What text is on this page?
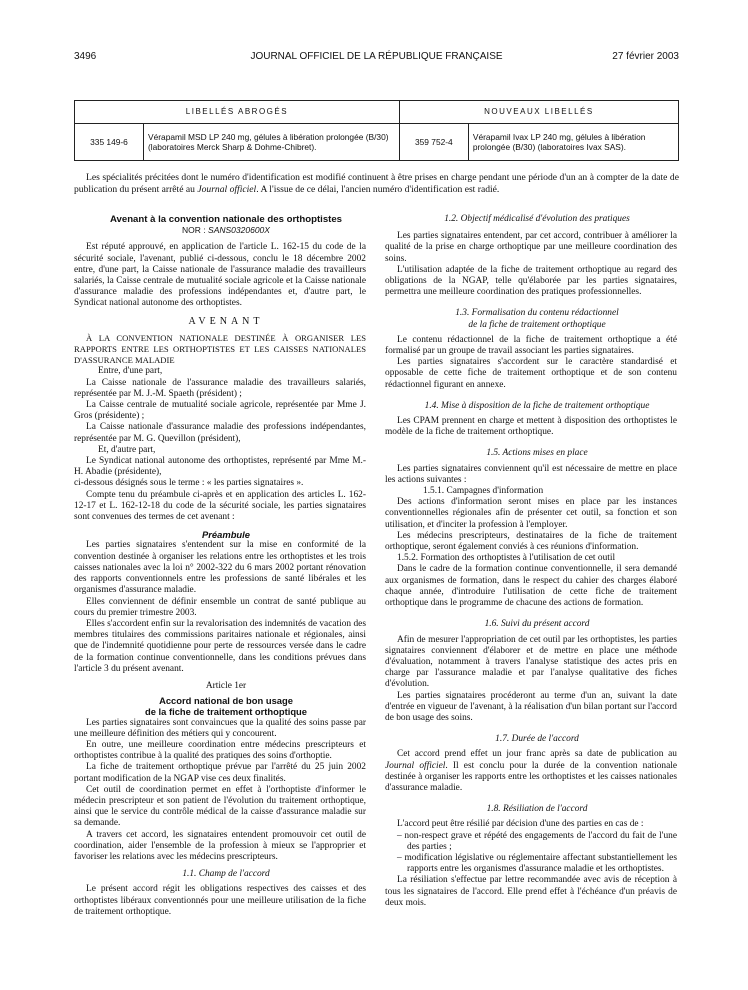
3496	JOURNAL OFFICIEL DE LA RÉPUBLIQUE FRANÇAISE	27 février 2003
LIBELLÉS ABROGÉS		NOUVEAUX LIBELLÉS	
335 149-6	Vérapamil MSD LP 240 mg, gélules à libération prolongée (B/30) (laboratoires Merck Sharp & Dohme-Chibret).	359 752-4	Vérapamil Ivax LP 240 mg, gélules à libération prolongée (B/30) (laboratoires Ivax SAS).
Les spécialités précitées dont le numéro d'identification est modifié continuent à être prises en charge pendant une période d'un an à compter de la date de publication du présent arrêté au Journal officiel. A l'issue de ce délai, l'ancien numéro d'identification est radié.

Avenant à la convention nationale des orthoptistes

NOR : SANS0320600X

Est réputé approuvé, en application de l'article L. 162-15 du code de la sécurité sociale, l'avenant, publié ci-dessous, conclu le 18 décembre 2002 entre, d'une part, la Caisse nationale de l'assurance maladie des travailleurs salariés, la Caisse centrale de mutualité sociale agricole et la Caisse nationale d'assurance maladie des professions indépendantes et, d'autre part, le Syndicat national autonome des orthoptistes.

AVENANT

À LA CONVENTION NATIONALE DESTINÉE À ORGANISER LES RAPPORTS ENTRE LES ORTHOPTISTES ET LES CAISSES NATIONALES D'ASSURANCE MALADIE

Entre, d'une part,

La Caisse nationale de l'assurance maladie des travailleurs salariés, représentée par M. J.-M. Spaeth (président) ;

La Caisse centrale de mutualité sociale agricole, représentée par Mme J. Gros (présidente) ;

La Caisse nationale d'assurance maladie des professions indépendantes, représentée par M. G. Quevillon (président),

Et, d'autre part,

Le Syndicat national autonome des orthoptistes, représenté par Mme M.-H. Abadie (présidente),

ci-dessous désignés sous le terme : « les parties signataires ».

Compte tenu du préambule ci-après et en application des articles L. 162-12-17 et L. 162-12-18 du code de la sécurité sociale, les parties signataires sont convenues des termes de cet avenant :

Préambule

Les parties signataires s'entendent sur la mise en conformité de la convention destinée à organiser les relations entre les orthoptistes et les trois caisses nationales avec la loi n° 2002-322 du 6 mars 2002 portant rénovation des rapports conventionnels entre les professions de santé libérales et les organismes d'assurance maladie.

Elles conviennent de définir ensemble un contrat de santé publique au cours du premier trimestre 2003.

Elles s'accordent enfin sur la revalorisation des indemnités de vacation des membres titulaires des commissions paritaires nationale et régionales, ainsi que de l'indemnité quotidienne pour perte de ressources versée dans le cadre de la formation continue conventionnelle, dans les conditions prévues dans l'article 3 du présent avenant.

Article 1er

Accord national de bon usage

de la fiche de traitement orthoptique

Les parties signataires sont convaincues que la qualité des soins passe par une meilleure définition des métiers qui y concourent.

En outre, une meilleure coordination entre médecins prescripteurs et orthoptistes contribue à la qualité des pratiques des soins d'orthoptie.

La fiche de traitement orthoptique prévue par l'arrêté du 25 juin 2002 portant modification de la NGAP vise ces deux finalités.

Cet outil de coordination permet en effet à l'orthoptiste d'informer le médecin prescripteur et son patient de l'évolution du traitement orthoptique, ainsi que le service du contrôle médical de la caisse d'assurance maladie sur sa demande.

A travers cet accord, les signataires entendent promouvoir cet outil de coordination, aider l'ensemble de la profession à mieux se l'approprier et favoriser les relations avec les médecins prescripteurs.

1.1. Champ de l'accord

Le présent accord régit les obligations respectives des caisses et des orthoptistes libéraux conventionnés pour une meilleure utilisation de la fiche de traitement orthoptique.

1.2. Objectif médicalisé d'évolution des pratiques

Les parties signataires entendent, par cet accord, contribuer à améliorer la qualité de la prise en charge orthoptique par une meilleure coordination des soins.

L'utilisation adaptée de la fiche de traitement orthoptique au regard des obligations de la NGAP, telle qu'élaborée par les parties signataires, permettra une meilleure coordination des pratiques professionnelles.

1.3. Formalisation du contenu rédactionnel

de la fiche de traitement orthoptique

Le contenu rédactionnel de la fiche de traitement orthoptique a été formalisé par un groupe de travail associant les parties signataires.

Les parties signataires s'accordent sur le caractère standardisé et opposable de cette fiche de traitement orthoptique et de son contenu rédactionnel figurant en annexe.

1.4. Mise à disposition de la fiche de traitement orthoptique

Les CPAM prennent en charge et mettent à disposition des orthoptistes le modèle de la fiche de traitement orthoptique.

1.5. Actions mises en place

Les parties signataires conviennent qu'il est nécessaire de mettre en place les actions suivantes :

1.5.1. Campagnes d'information

Des actions d'information seront mises en place par les instances conventionnelles régionales afin de présenter cet outil, sa fonction et son utilisation, et d'inciter la profession à l'employer.

Les médecins prescripteurs, destinataires de la fiche de traitement orthoptique, seront également conviés à ces réunions d'information.

1.5.2. Formation des orthoptistes à l'utilisation de cet outil

Dans le cadre de la formation continue conventionnelle, il sera demandé aux organismes de formation, dans le respect du cahier des charges élaboré chaque année, d'introduire l'utilisation de cette fiche de traitement orthoptique dans le programme de chacune des actions de formation.

1.6. Suivi du présent accord

Afin de mesurer l'appropriation de cet outil par les orthoptistes, les parties signataires conviennent d'élaborer et de mettre en place une méthode d'évaluation, notamment à travers l'analyse statistique des actes pris en charge par l'assurance maladie et par l'analyse qualitative des fiches d'évolution.

Les parties signataires procéderont au terme d'un an, suivant la date d'entrée en vigueur de l'avenant, à la réalisation d'un bilan portant sur l'accord de bon usage des soins.

1.7. Durée de l'accord

Cet accord prend effet un jour franc après sa date de publication au Journal officiel. Il est conclu pour la durée de la convention nationale destinée à organiser les rapports entre les orthoptistes et les caisses nationales d'assurance maladie.

1.8. Résiliation de l'accord

L'accord peut être résilié par décision d'une des parties en cas de :

– non-respect grave et répété des engagements de l'accord du fait de l'une des parties ;
– modification législative ou réglementaire affectant substantiellement les rapports entre les organismes d'assurance maladie et les orthoptistes.

La résiliation s'effectue par lettre recommandée avec avis de réception à tous les signataires de l'accord. Elle prend effet à l'échéance d'un préavis de deux mois.
